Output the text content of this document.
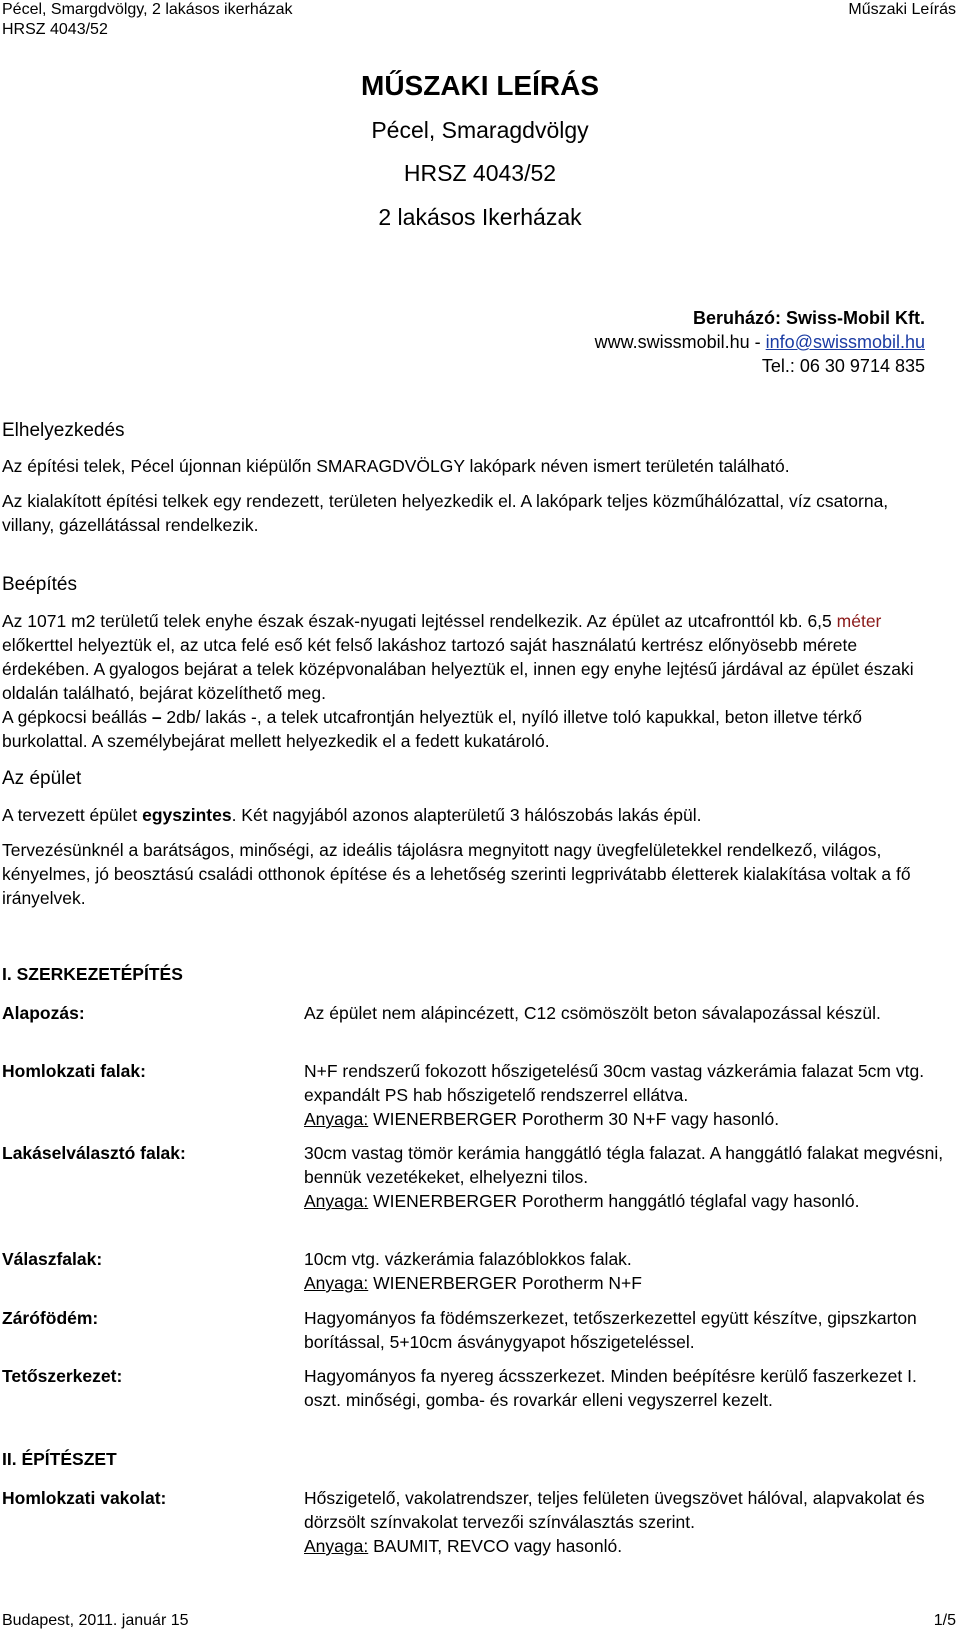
Pécel, Smargdvölgy, 2 lakásos ikerházak
HRSZ 4043/52
Műszaki Leírás
MŰSZAKI LEÍRÁS
Pécel, Smaragdvölgy
HRSZ 4043/52
2 lakásos Ikerházak
Beruházó: Swiss-Mobil Kft.
www.swissmobil.hu - info@swissmobil.hu
Tel.: 06 30 9714 835

Elhelyezkedés

Az építési telek, Pécel újonnan kiépülőn SMARAGDVÖLGY lakópark néven ismert területén található.

Az kialakított építési telkek egy rendezett, területen helyezkedik el. A lakópark teljes közműhálózattal, víz csatorna, villany, gázellátással rendelkezik.

Beépítés

Az 1071 m2 területű telek enyhe észak észak-nyugati lejtéssel rendelkezik. Az épület az utcafronttól kb. 6,5 méter előkerttel helyeztük el, az utca felé eső két felső lakáshoz tartozó saját használatú kertrész előnyösebb mérete érdekében. A gyalogos bejárat a telek középvonalában helyeztük el, innen egy enyhe lejtésű járdával az épület északi oldalán található, bejárat közelíthető meg.

A gépkocsi beállás – 2db/ lakás -, a telek utcafrontján helyeztük el, nyíló illetve toló kapukkal, beton illetve térkő burkolattal. A személybejárat mellett helyezkedik el a fedett kukatároló.

Az épület

A tervezett épület egyszintes. Két nagyjából azonos alapterületű 3 hálószobás lakás épül.

Tervezésünknél a barátságos, minőségi, az ideális tájolásra megnyitott nagy üvegfelületekkel rendelkező, világos, kényelmes, jó beosztású családi otthonok építése és a lehetőség szerinti legprivátabb életterek kialakítása voltak a fő irányelvek.

I. SZERKEZETÉPÍTÉS
Alapozás:	Az épület nem alápincézett, C12 csömöszölt beton sávalapozással készül.
Homlokzati falak:	N+F rendszerű fokozott hőszigetelésű 30cm vastag vázkerámia falazat 5cm vtg. expandált PS hab hőszigetelő rendszerrel ellátva.
Anyaga: WIENERBERGER Porotherm 30 N+F vagy hasonló.
Lakáselválasztó falak:	30cm vastag tömör kerámia hanggátló tégla falazat. A hanggátló falakat megvésni, bennük vezetékeket, elhelyezni tilos.
Anyaga: WIENERBERGER Porotherm hanggátló téglafal vagy hasonló.
Válaszfalak:	10cm vtg. vázkerámia falazóblokkos falak.
Anyaga: WIENERBERGER Porotherm N+F
Zárófödém:	Hagyományos fa födémszerkezet, tetőszerkezettel együtt készítve, gipszkarton borítással, 5+10cm ásványgyapot hőszigeteléssel.
Tetőszerkezet:	Hagyományos fa nyereg ácsszerkezet. Minden beépítésre kerülő faszerkezet I. oszt. minőségi, gomba- és rovarkár elleni vegyszerrel kezelt.
II. ÉPÍTÉSZET
Homlokzati vakolat:	Hőszigetelő, vakolatrendszer, teljes felületen üvegszövet hálóval, alapvakolat és dörzsölt színvakolat tervezői színválasztás szerint.
Anyaga: BAUMIT, REVCO vagy hasonló.
Budapest, 2011. január 15	1/5
